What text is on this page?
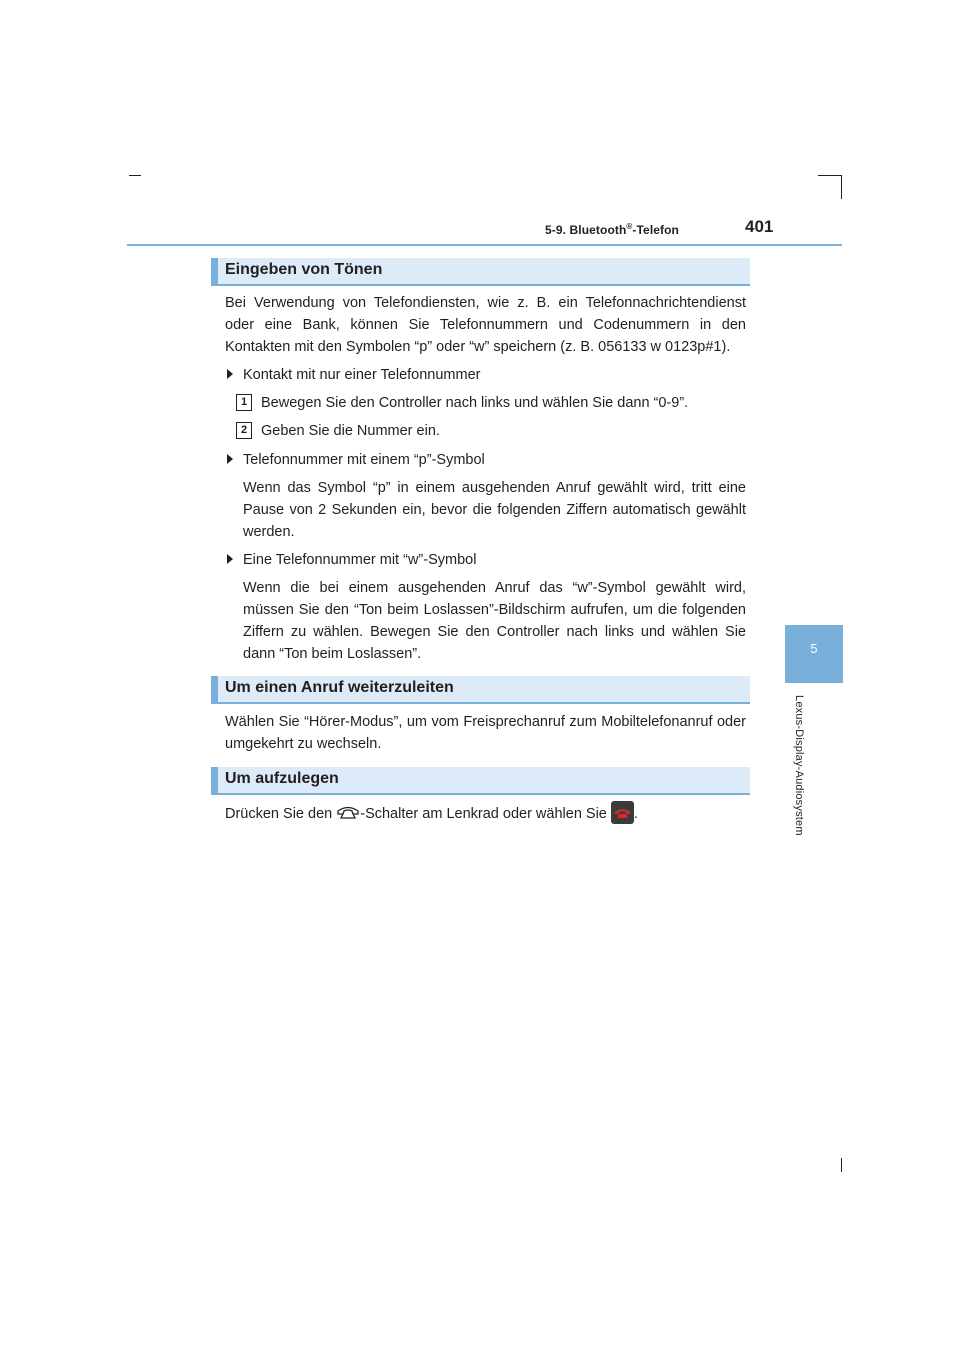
5-9. Bluetooth®-Telefon	401
5
Lexus-Display-Audiosystem
Eingeben von Tönen
Bei Verwendung von Telefondiensten, wie z. B. ein Telefonnachrichtendienst oder eine Bank, können Sie Telefonnummern und Codenummern in den Kontakten mit den Symbolen “p” oder “w” speichern (z. B. 056133 w 0123p#1).
Kontakt mit nur einer Telefonnummer
1 Bewegen Sie den Controller nach links und wählen Sie dann “0-9”.
2 Geben Sie die Nummer ein.
Telefonnummer mit einem “p”-Symbol
Wenn das Symbol “p” in einem ausgehenden Anruf gewählt wird, tritt eine Pause von 2 Sekunden ein, bevor die folgenden Ziffern automatisch gewählt werden.
Eine Telefonnummer mit “w”-Symbol
Wenn die bei einem ausgehenden Anruf das “w”-Symbol gewählt wird, müssen Sie den “Ton beim Loslassen”-Bildschirm aufrufen, um die folgenden Ziffern zu wählen. Bewegen Sie den Controller nach links und wählen Sie dann “Ton beim Loslassen”.
Um einen Anruf weiterzuleiten
Wählen Sie “Hörer-Modus”, um vom Freisprechanruf zum Mobiltelefonanruf oder umgekehrt zu wechseln.
Um aufzulegen
Drücken Sie den -Schalter am Lenkrad oder wählen Sie
.
